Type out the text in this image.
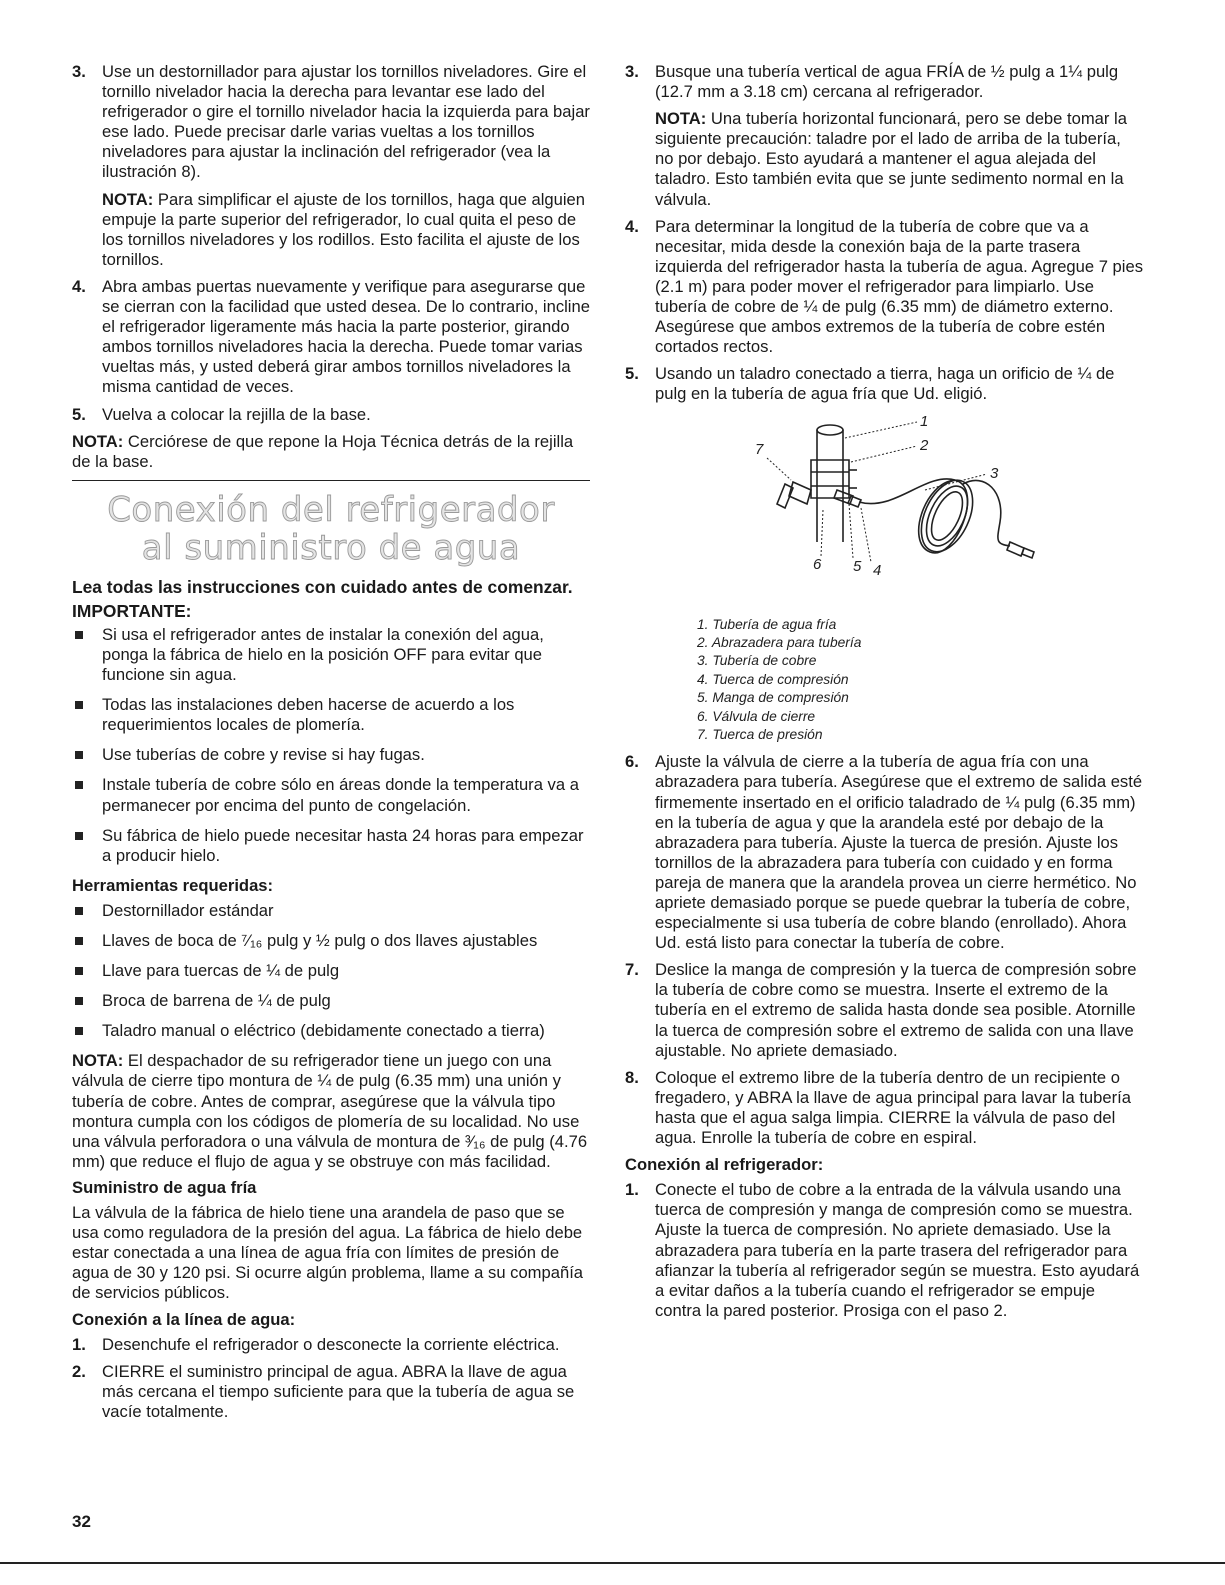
3. Use un destornillador para ajustar los tornillos niveladores. Gire el tornillo nivelador hacia la derecha para levantar ese lado del refrigerador o gire el tornillo nivelador hacia la izquierda para bajar ese lado. Puede precisar darle varias vueltas a los tornillos niveladores para ajustar la inclinación del refrigerador (vea la ilustración 8).

NOTA: Para simplificar el ajuste de los tornillos, haga que alguien empuje la parte superior del refrigerador, lo cual quita el peso de los tornillos niveladores y los rodillos. Esto facilita el ajuste de los tornillos.

4. Abra ambas puertas nuevamente y verifique para asegurarse que se cierran con la facilidad que usted desea. De lo contrario, incline el refrigerador ligeramente más hacia la parte posterior, girando ambos tornillos niveladores hacia la derecha. Puede tomar varias vueltas más, y usted deberá girar ambos tornillos niveladores la misma cantidad de veces.

5. Vuelva a colocar la rejilla de la base.

NOTA: Cerciórese de que repone la Hoja Técnica detrás de la rejilla de la base.

Conexión del refrigerador
al suministro de agua

Lea todas las instrucciones con cuidado antes de comenzar.

IMPORTANTE:

Si usa el refrigerador antes de instalar la conexión del agua, ponga la fábrica de hielo en la posición OFF para evitar que funcione sin agua.
Todas las instalaciones deben hacerse de acuerdo a los requerimientos locales de plomería.
Use tuberías de cobre y revise si hay fugas.
Instale tubería de cobre sólo en áreas donde la temperatura va a permanecer por encima del punto de congelación.
Su fábrica de hielo puede necesitar hasta 24 horas para empezar a producir hielo.

Herramientas requeridas:

Destornillador estándar
Llaves de boca de ⁷⁄₁₆ pulg y ½ pulg o dos llaves ajustables
Llave para tuercas de ¼ de pulg
Broca de barrena de ¼ de pulg
Taladro manual o eléctrico (debidamente conectado a tierra)

NOTA: El despachador de su refrigerador tiene un juego con una válvula de cierre tipo montura de ¼ de pulg (6.35 mm) una unión y tubería de cobre. Antes de comprar, asegúrese que la válvula tipo montura cumpla con los códigos de plomería de su localidad. No use una válvula perforadora o una válvula de montura de ³⁄₁₆ de pulg (4.76 mm) que reduce el flujo de agua y se obstruye con más facilidad.

Suministro de agua fría

La válvula de la fábrica de hielo tiene una arandela de paso que se usa como reguladora de la presión del agua. La fábrica de hielo debe estar conectada a una línea de agua fría con límites de presión de agua de 30 y 120 psi. Si ocurre algún problema, llame a su compañía de servicios públicos.

Conexión a la línea de agua:

1. Desenchufe el refrigerador o desconecte la corriente eléctrica.

2. CIERRE el suministro principal de agua. ABRA la llave de agua más cercana el tiempo suficiente para que la tubería de agua se vacíe totalmente.

3. Busque una tubería vertical de agua FRÍA de ½ pulg a 1¼ pulg (12.7 mm a 3.18 cm) cercana al refrigerador.

NOTA: Una tubería horizontal funcionará, pero se debe tomar la siguiente precaución: taladre por el lado de arriba de la tubería, no por debajo. Esto ayudará a mantener el agua alejada del taladro. Esto también evita que se junte sedimento normal en la válvula.

4. Para determinar la longitud de la tubería de cobre que va a necesitar, mida desde la conexión baja de la parte trasera izquierda del refrigerador hasta la tubería de agua. Agregue 7 pies (2.1 m) para poder mover el refrigerador para limpiarlo. Use tubería de cobre de ¼ de pulg (6.35 mm) de diámetro externo. Asegúrese que ambos extremos de la tubería de cobre estén cortados rectos.

5. Usando un taladro conectado a tierra, haga un orificio de ¼ de pulg en la tubería de agua fría que Ud. eligió.

1
2
3
4
5
6
7
1. Tubería de agua fría
2. Abrazadera para tubería
3. Tubería de cobre
4. Tuerca de compresión
5. Manga de compresión
6. Válvula de cierre
7. Tuerca de presión
6. Ajuste la válvula de cierre a la tubería de agua fría con una abrazadera para tubería. Asegúrese que el extremo de salida esté firmemente insertado en el orificio taladrado de ¼ pulg (6.35 mm) en la tubería de agua y que la arandela esté por debajo de la abrazadera para tubería. Ajuste la tuerca de presión. Ajuste los tornillos de la abrazadera para tubería con cuidado y en forma pareja de manera que la arandela provea un cierre hermético. No apriete demasiado porque se puede quebrar la tubería de cobre, especialmente si usa tubería de cobre blando (enrollado). Ahora Ud. está listo para conectar la tubería de cobre.

7. Deslice la manga de compresión y la tuerca de compresión sobre la tubería de cobre como se muestra. Inserte el extremo de la tubería en el extremo de salida hasta donde sea posible. Atornille la tuerca de compresión sobre el extremo de salida con una llave ajustable. No apriete demasiado.

8. Coloque el extremo libre de la tubería dentro de un recipiente o fregadero, y ABRA la llave de agua principal para lavar la tubería hasta que el agua salga limpia. CIERRE la válvula de paso del agua. Enrolle la tubería de cobre en espiral.

Conexión al refrigerador:

1. Conecte el tubo de cobre a la entrada de la válvula usando una tuerca de compresión y manga de compresión como se muestra. Ajuste la tuerca de compresión. No apriete demasiado. Use la abrazadera para tubería en la parte trasera del refrigerador para afianzar la tubería al refrigerador según se muestra. Esto ayudará a evitar daños a la tubería cuando el refrigerador se empuje contra la pared posterior. Prosiga con el paso 2.

32
